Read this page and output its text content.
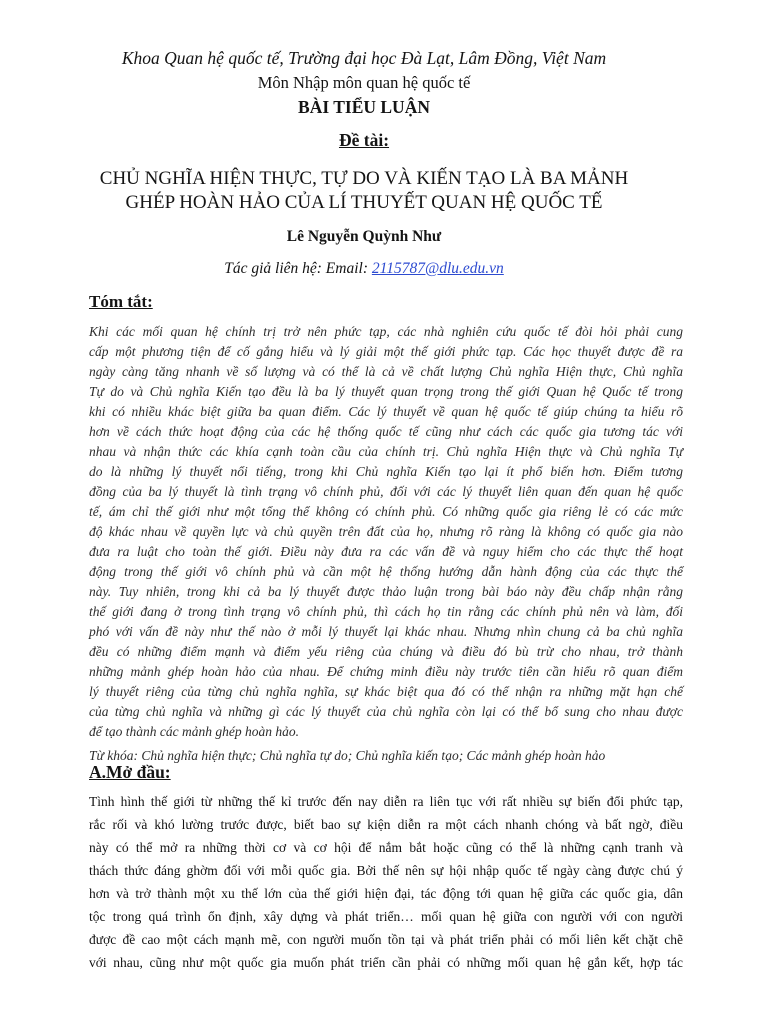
Khoa Quan hệ quốc tế, Trường đại học Đà Lạt, Lâm Đồng, Việt Nam
Môn Nhập môn quan hệ quốc tế
BÀI TIỂU LUẬN
Đề tài:
CHỦ NGHĨA HIỆN THỰC, TỰ DO VÀ KIẾN TẠO LÀ BA MẢNH
GHÉP HOÀN HẢO CỦA LÍ THUYẾT QUAN HỆ QUỐC TẾ
Lê Nguyễn Quỳnh Như
Tác giả liên hệ: Email: 2115787@dlu.edu.vn
Tóm tắt:
Khi các mối quan hệ chính trị trở nên phức tạp, các nhà nghiên cứu quốc tế đòi hỏi phải cung
cấp một phương tiện để cố gắng hiểu và lý giải một thế giới phức tạp. Các học thuyết được đề ra
ngày càng tăng nhanh về số lượng và có thể là cả về chất lượng Chủ nghĩa Hiện thực, Chủ nghĩa
Tự do và Chủ nghĩa Kiến tạo đều là ba lý thuyết quan trọng trong thế giới Quan hệ Quốc tế trong
khi có nhiều khác biệt giữa ba quan điểm. Các lý thuyết về quan hệ quốc tế giúp chúng ta hiểu rõ
hơn về cách thức hoạt động của các hệ thống quốc tế cũng như cách các quốc gia tương tác với
nhau và nhận thức các khía cạnh toàn cầu của chính trị. Chủ nghĩa Hiện thực và Chủ nghĩa Tự
do là những lý thuyết nổi tiếng, trong khi Chủ nghĩa Kiến tạo lại ít phổ biến hơn. Điểm tương
đồng của ba lý thuyết là tình trạng vô chính phủ, đối với các lý thuyết liên quan đến quan hệ quốc
tế, ám chỉ thế giới như một tổng thể không có chính phủ. Có những quốc gia riêng lẻ có các mức
độ khác nhau về quyền lực và chủ quyền trên đất của họ, nhưng rõ ràng là không có quốc gia nào
đưa ra luật cho toàn thế giới. Điều này đưa ra các vấn đề và nguy hiểm cho các thực thể hoạt
động trong thế giới vô chính phủ và cần một hệ thống hướng dẫn hành động của các thực thể
này. Tuy nhiên, trong khi cả ba lý thuyết được thảo luận trong bài báo này đều chấp nhận rằng
thế giới đang ở trong tình trạng vô chính phủ, thì cách họ tin rằng các chính phủ nên và làm, đối
phó với vấn đề này như thế nào ở mỗi lý thuyết lại khác nhau. Nhưng nhìn chung cả ba chủ nghĩa
đều có những điểm mạnh và điểm yếu riêng của chúng và điều đó bù trừ cho nhau, trở thành
những mảnh ghép hoàn hảo của nhau. Để chứng minh điều này trước tiên cần hiểu rõ quan điểm
lý thuyết riêng của từng chủ nghĩa nghĩa, sự khác biệt qua đó có thể nhận ra những mặt hạn chế
của từng chủ nghĩa và những gì các lý thuyết của chủ nghĩa còn lại có thể bổ sung cho nhau được
để tạo thành các mảnh ghép hoàn hảo.
Từ khóa: Chủ nghĩa hiện thực; Chủ nghĩa tự do; Chủ nghĩa kiến tạo; Các mảnh ghép hoàn hảo
A.Mở đầu:
Tình hình thế giới từ những thế kỉ trước đến nay diễn ra liên tục với rất nhiều sự biến đổi phức tạp,
rắc rối và khó lường trước được, biết bao sự kiện diễn ra một cách nhanh chóng và bất ngờ, điều
này có thể mở ra những thời cơ và cơ hội để nắm bắt hoặc cũng có thể là những cạnh tranh và
thách thức đáng ghờm đối với mỗi quốc gia. Bởi thế nên sự hội nhập quốc tế ngày càng được chú ý
hơn và trở thành một xu thế lớn của thế giới hiện đại, tác động tới quan hệ giữa các quốc gia, dân
tộc trong quá trình ổn định, xây dựng và phát triển… mối quan hệ giữa con người với con người
được đề cao một cách mạnh mẽ, con người muốn tồn tại và phát triển phải có mối liên kết chặt chẽ
với nhau, cũng như một quốc gia muốn phát triển cần phải có những mối quan hệ gắn kết, hợp tác
